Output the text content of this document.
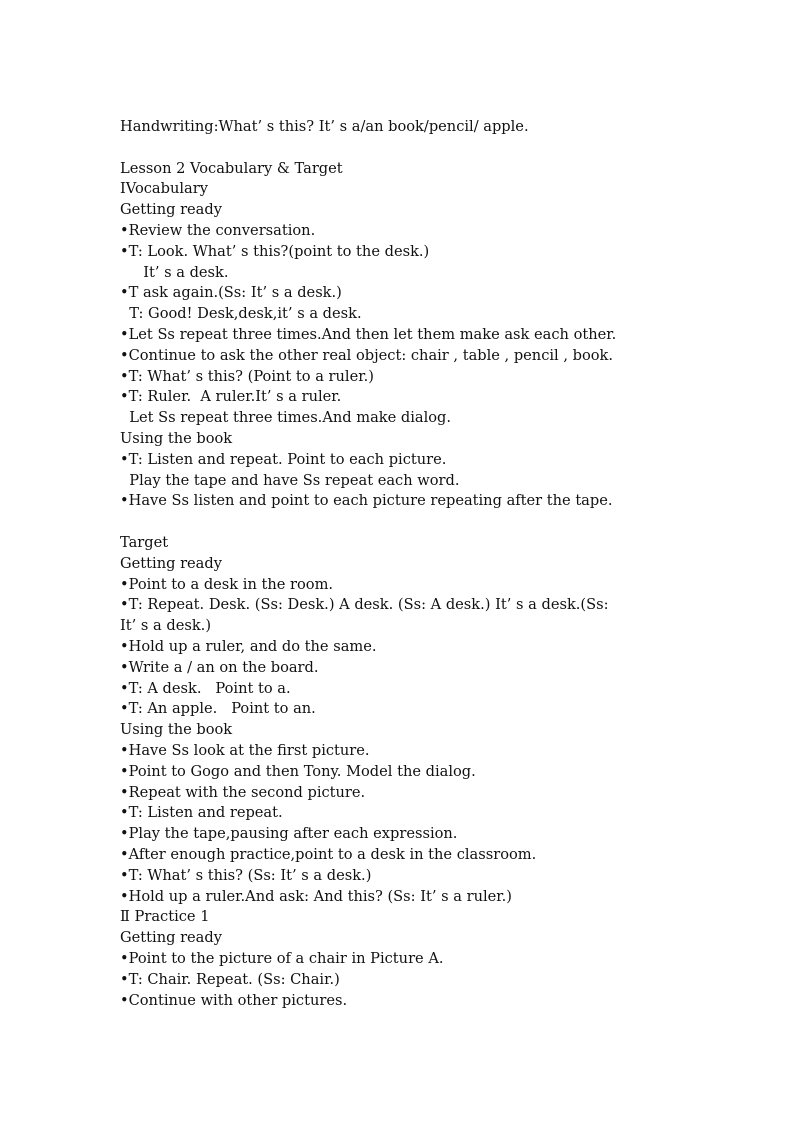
Handwriting:What’ s this? It’ s a/an book/pencil/ apple.
Lesson 2 Vocabulary & Target
ⅠVocabulary
Getting ready
•Review the conversation.
•T: Look. What’ s this?(point to the desk.)
It’ s a desk.
•T ask again.(Ss: It’ s a desk.)
T: Good! Desk,desk,it’ s a desk.
•Let Ss repeat three times.And then let them make ask each other.
•Continue to ask the other real object: chair , table , pencil , book.
•T: What’ s this? (Point to a ruler.)
•T: Ruler.  A ruler.It’ s a ruler.
Let Ss repeat three times.And make dialog.
Using the book
•T: Listen and repeat. Point to each picture.
Play the tape and have Ss repeat each word.
•Have Ss listen and point to each picture repeating after the tape.
Target
Getting ready
•Point to a desk in the room.
•T: Repeat. Desk. (Ss: Desk.) A desk. (Ss: A desk.) It’ s a desk.(Ss:
It’ s a desk.)
•Hold up a ruler, and do the same.
•Write a / an on the board.
•T: A desk.   Point to a.
•T: An apple.   Point to an.
Using the book
•Have Ss look at the first picture.
•Point to Gogo and then Tony. Model the dialog.
•Repeat with the second picture.
•T: Listen and repeat.
•Play the tape,pausing after each expression.
•After enough practice,point to a desk in the classroom.
•T: What’ s this? (Ss: It’ s a desk.)
•Hold up a ruler.And ask: And this? (Ss: It’ s a ruler.)
Ⅱ Practice 1
Getting ready
•Point to the picture of a chair in Picture A.
•T: Chair. Repeat. (Ss: Chair.)
•Continue with other pictures.
